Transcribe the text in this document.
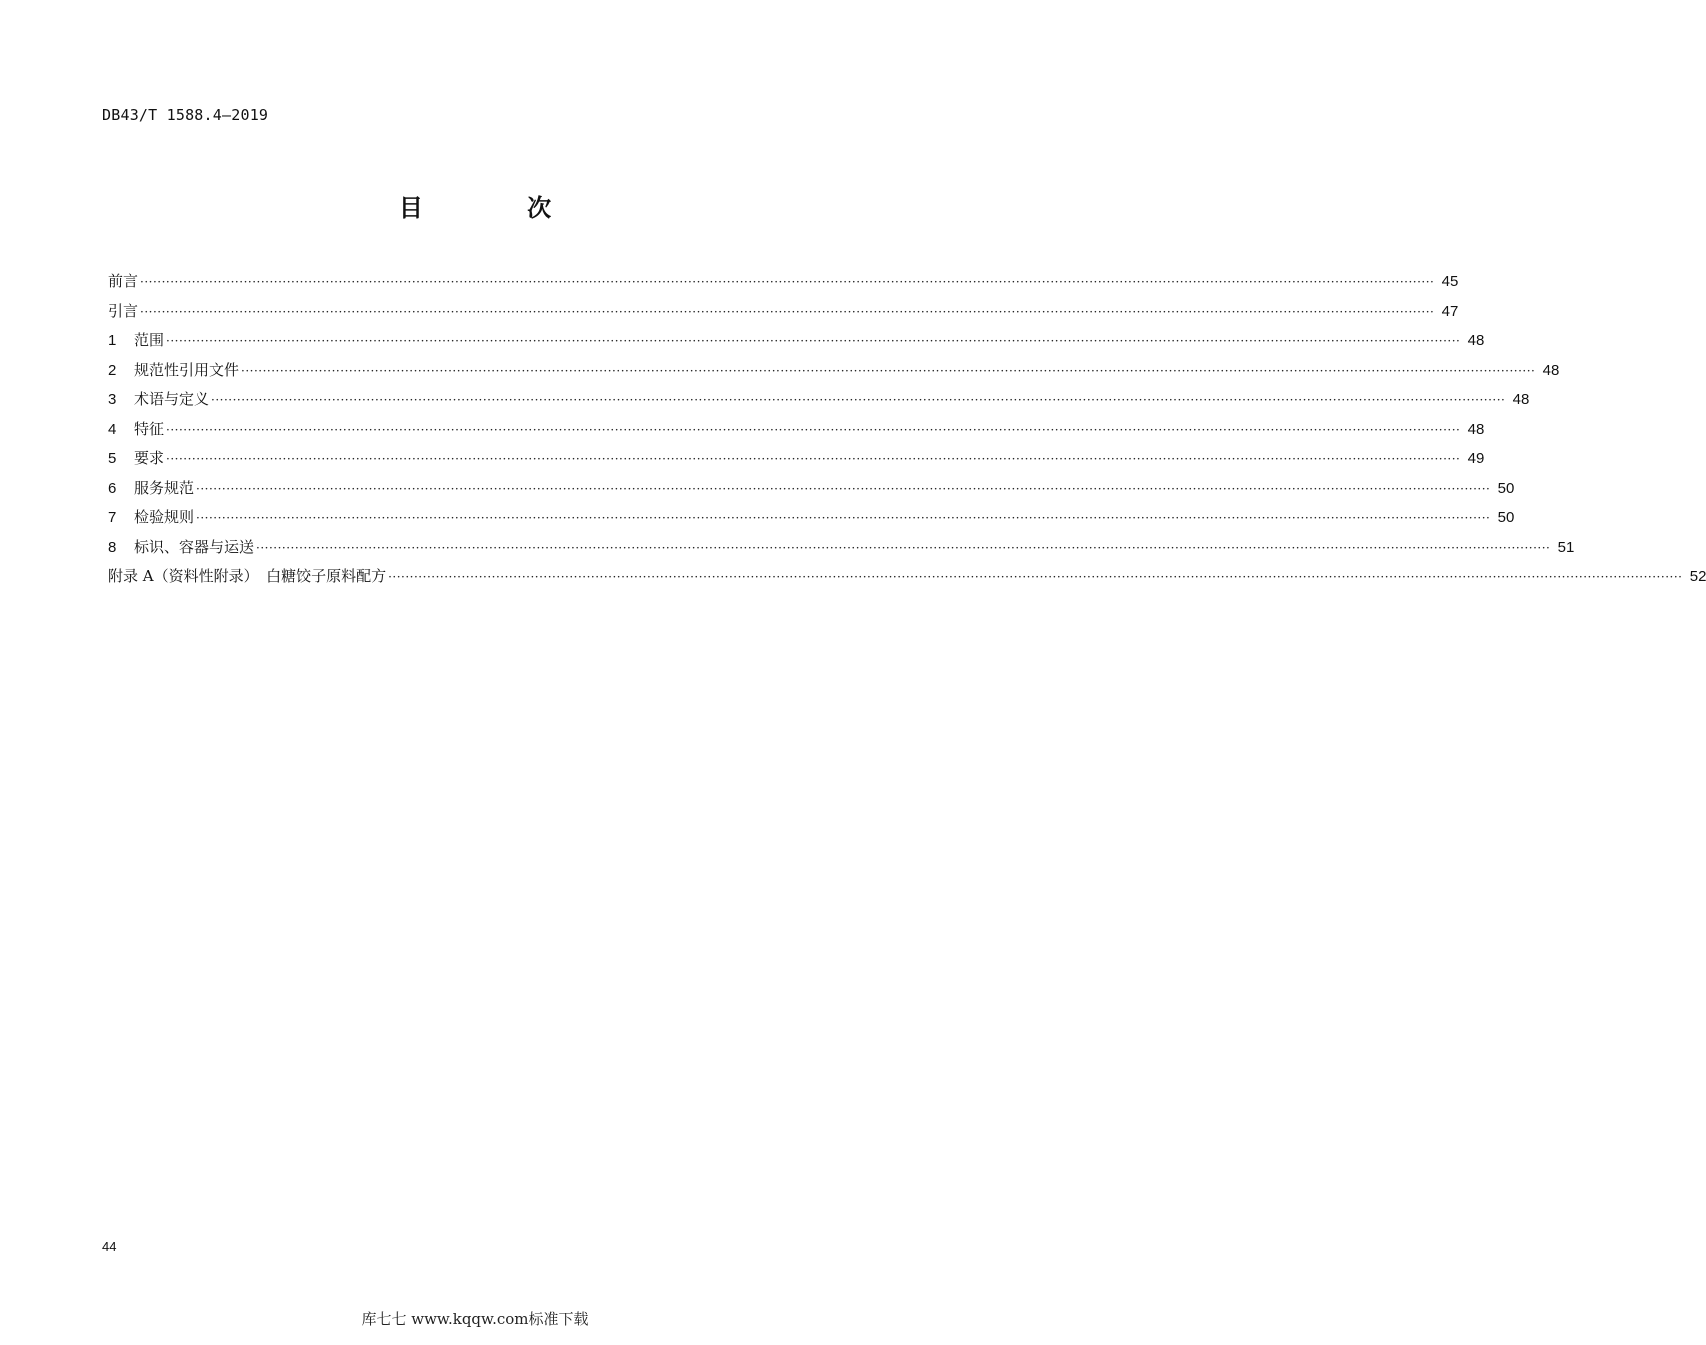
DB43/T 1588.4—2019
目 次
前言 ············································································································································································································································································································ 45
引言 ············································································································································································································································································································ 47
1	范围 ············································································································································································································································································································ 48
2	规范性引用文件 ············································································································································································································································································································ 48
3	术语与定义 ············································································································································································································································································································ 48
4	特征 ············································································································································································································································································································ 48
5	要求 ············································································································································································································································································································ 49
6	服务规范 ············································································································································································································································································································ 50
7	检验规则 ············································································································································································································································································································ 50
8	标识、容器与运送 ············································································································································································································································································································ 51
附录 A（资料性附录）　白糖饺子原料配方 ············································································································································································································································································································ 52
44
库七七 www.kqqw.com标准下载
